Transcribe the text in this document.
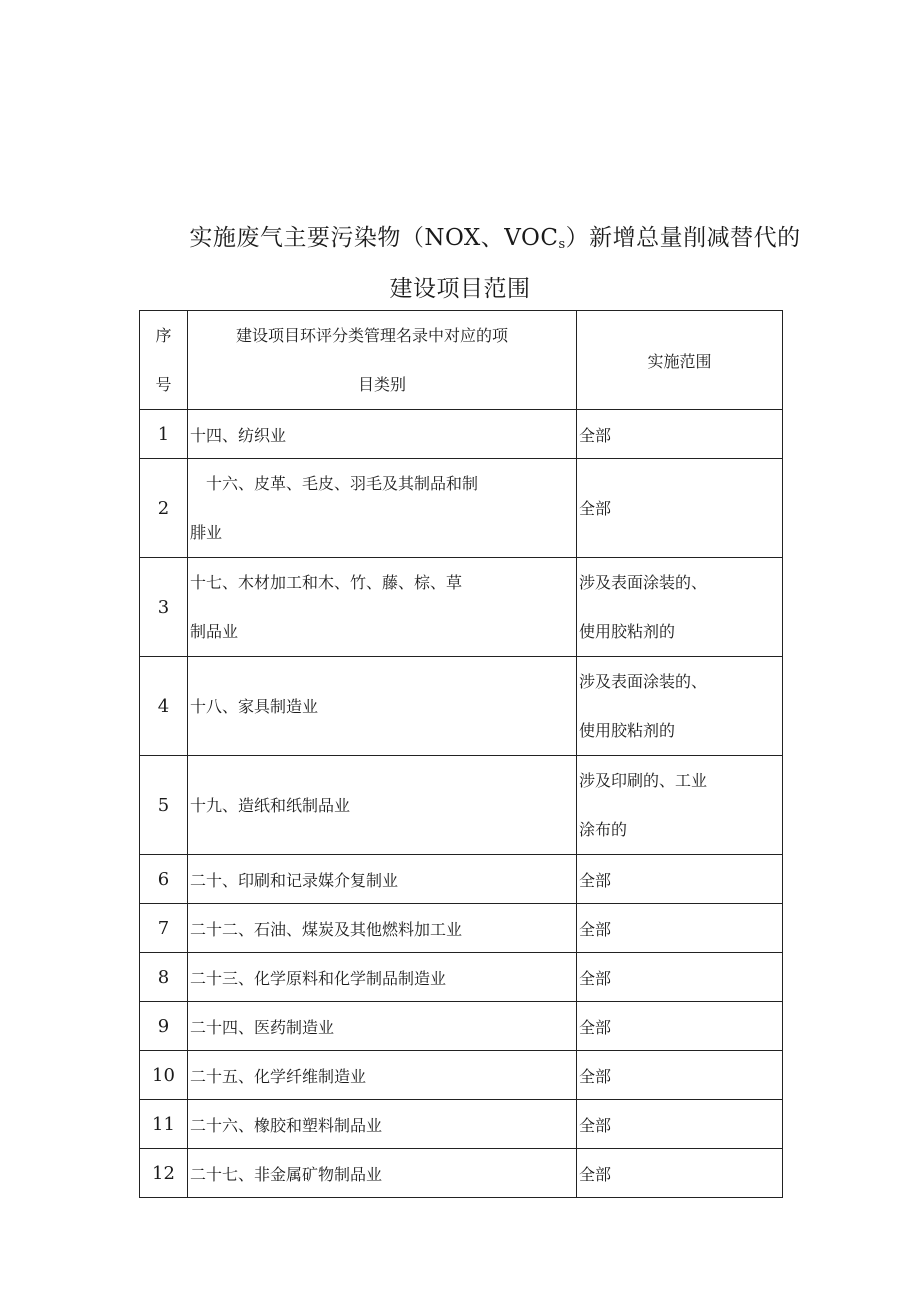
实施废气主要污染物（NOX、$VOC_s$）新增总量削减替代的
建设项目范围
序
号	建设项目环评分类管理名录中对应的项
目类别	实施范围
1	十四、纺织业	全部
2	十六、皮革、毛皮、羽毛及其制品和制
腓业	全部
3	十七、木材加工和木、竹、藤、棕、草
制品业	涉及表面涂装的、
使用胶粘剂的
4	十八、家具制造业	涉及表面涂装的、
使用胶粘剂的
5	十九、造纸和纸制品业	涉及印刷的、工业
涂布的
6	二十、印刷和记录媒介复制业	全部
7	二十二、石油、煤炭及其他燃料加工业	全部
8	二十三、化学原料和化学制品制造业	全部
9	二十四、医药制造业	全部
10	二十五、化学纤维制造业	全部
11	二十六、橡胶和塑料制品业	全部
12	二十七、非金属矿物制品业	全部
